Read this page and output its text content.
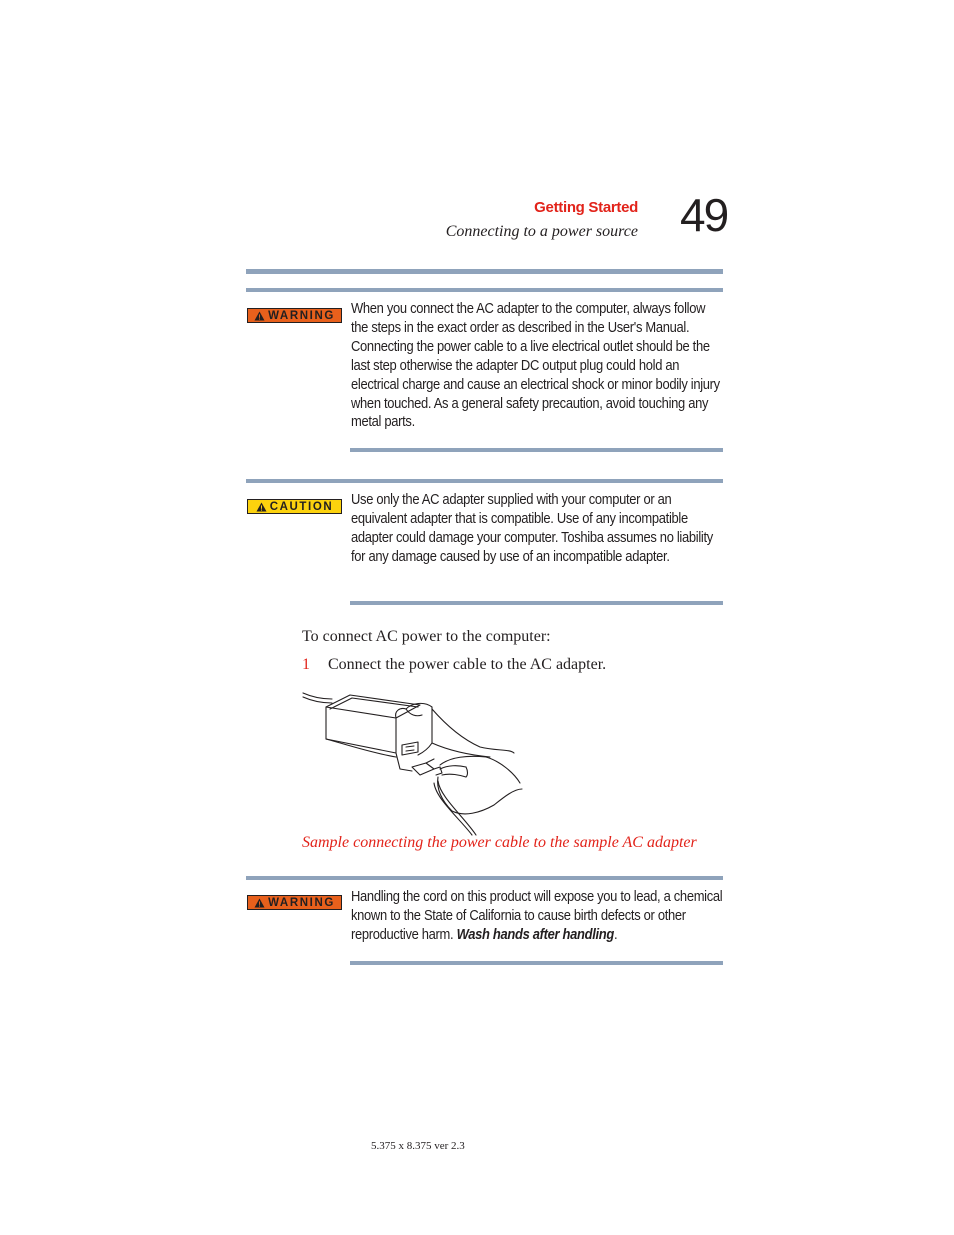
Getting Started
Connecting to a power source 49
WARNING When you connect the AC adapter to the computer, always follow the steps in the exact order as described in the User's Manual. Connecting the power cable to a live electrical outlet should be the last step otherwise the adapter DC output plug could hold an electrical charge and cause an electrical shock or minor bodily injury when touched. As a general safety precaution, avoid touching any metal parts.
CAUTION Use only the AC adapter supplied with your computer or an equivalent adapter that is compatible. Use of any incompatible adapter could damage your computer. Toshiba assumes no liability for any damage caused by use of an incompatible adapter.
To connect AC power to the computer:
1 Connect the power cable to the AC adapter.
Sample connecting the power cable to the sample AC adapter
WARNING Handling the cord on this product will expose you to lead, a chemical known to the State of California to cause birth defects or other reproductive harm. Wash hands after handling.
5.375 x 8.375 ver 2.3
